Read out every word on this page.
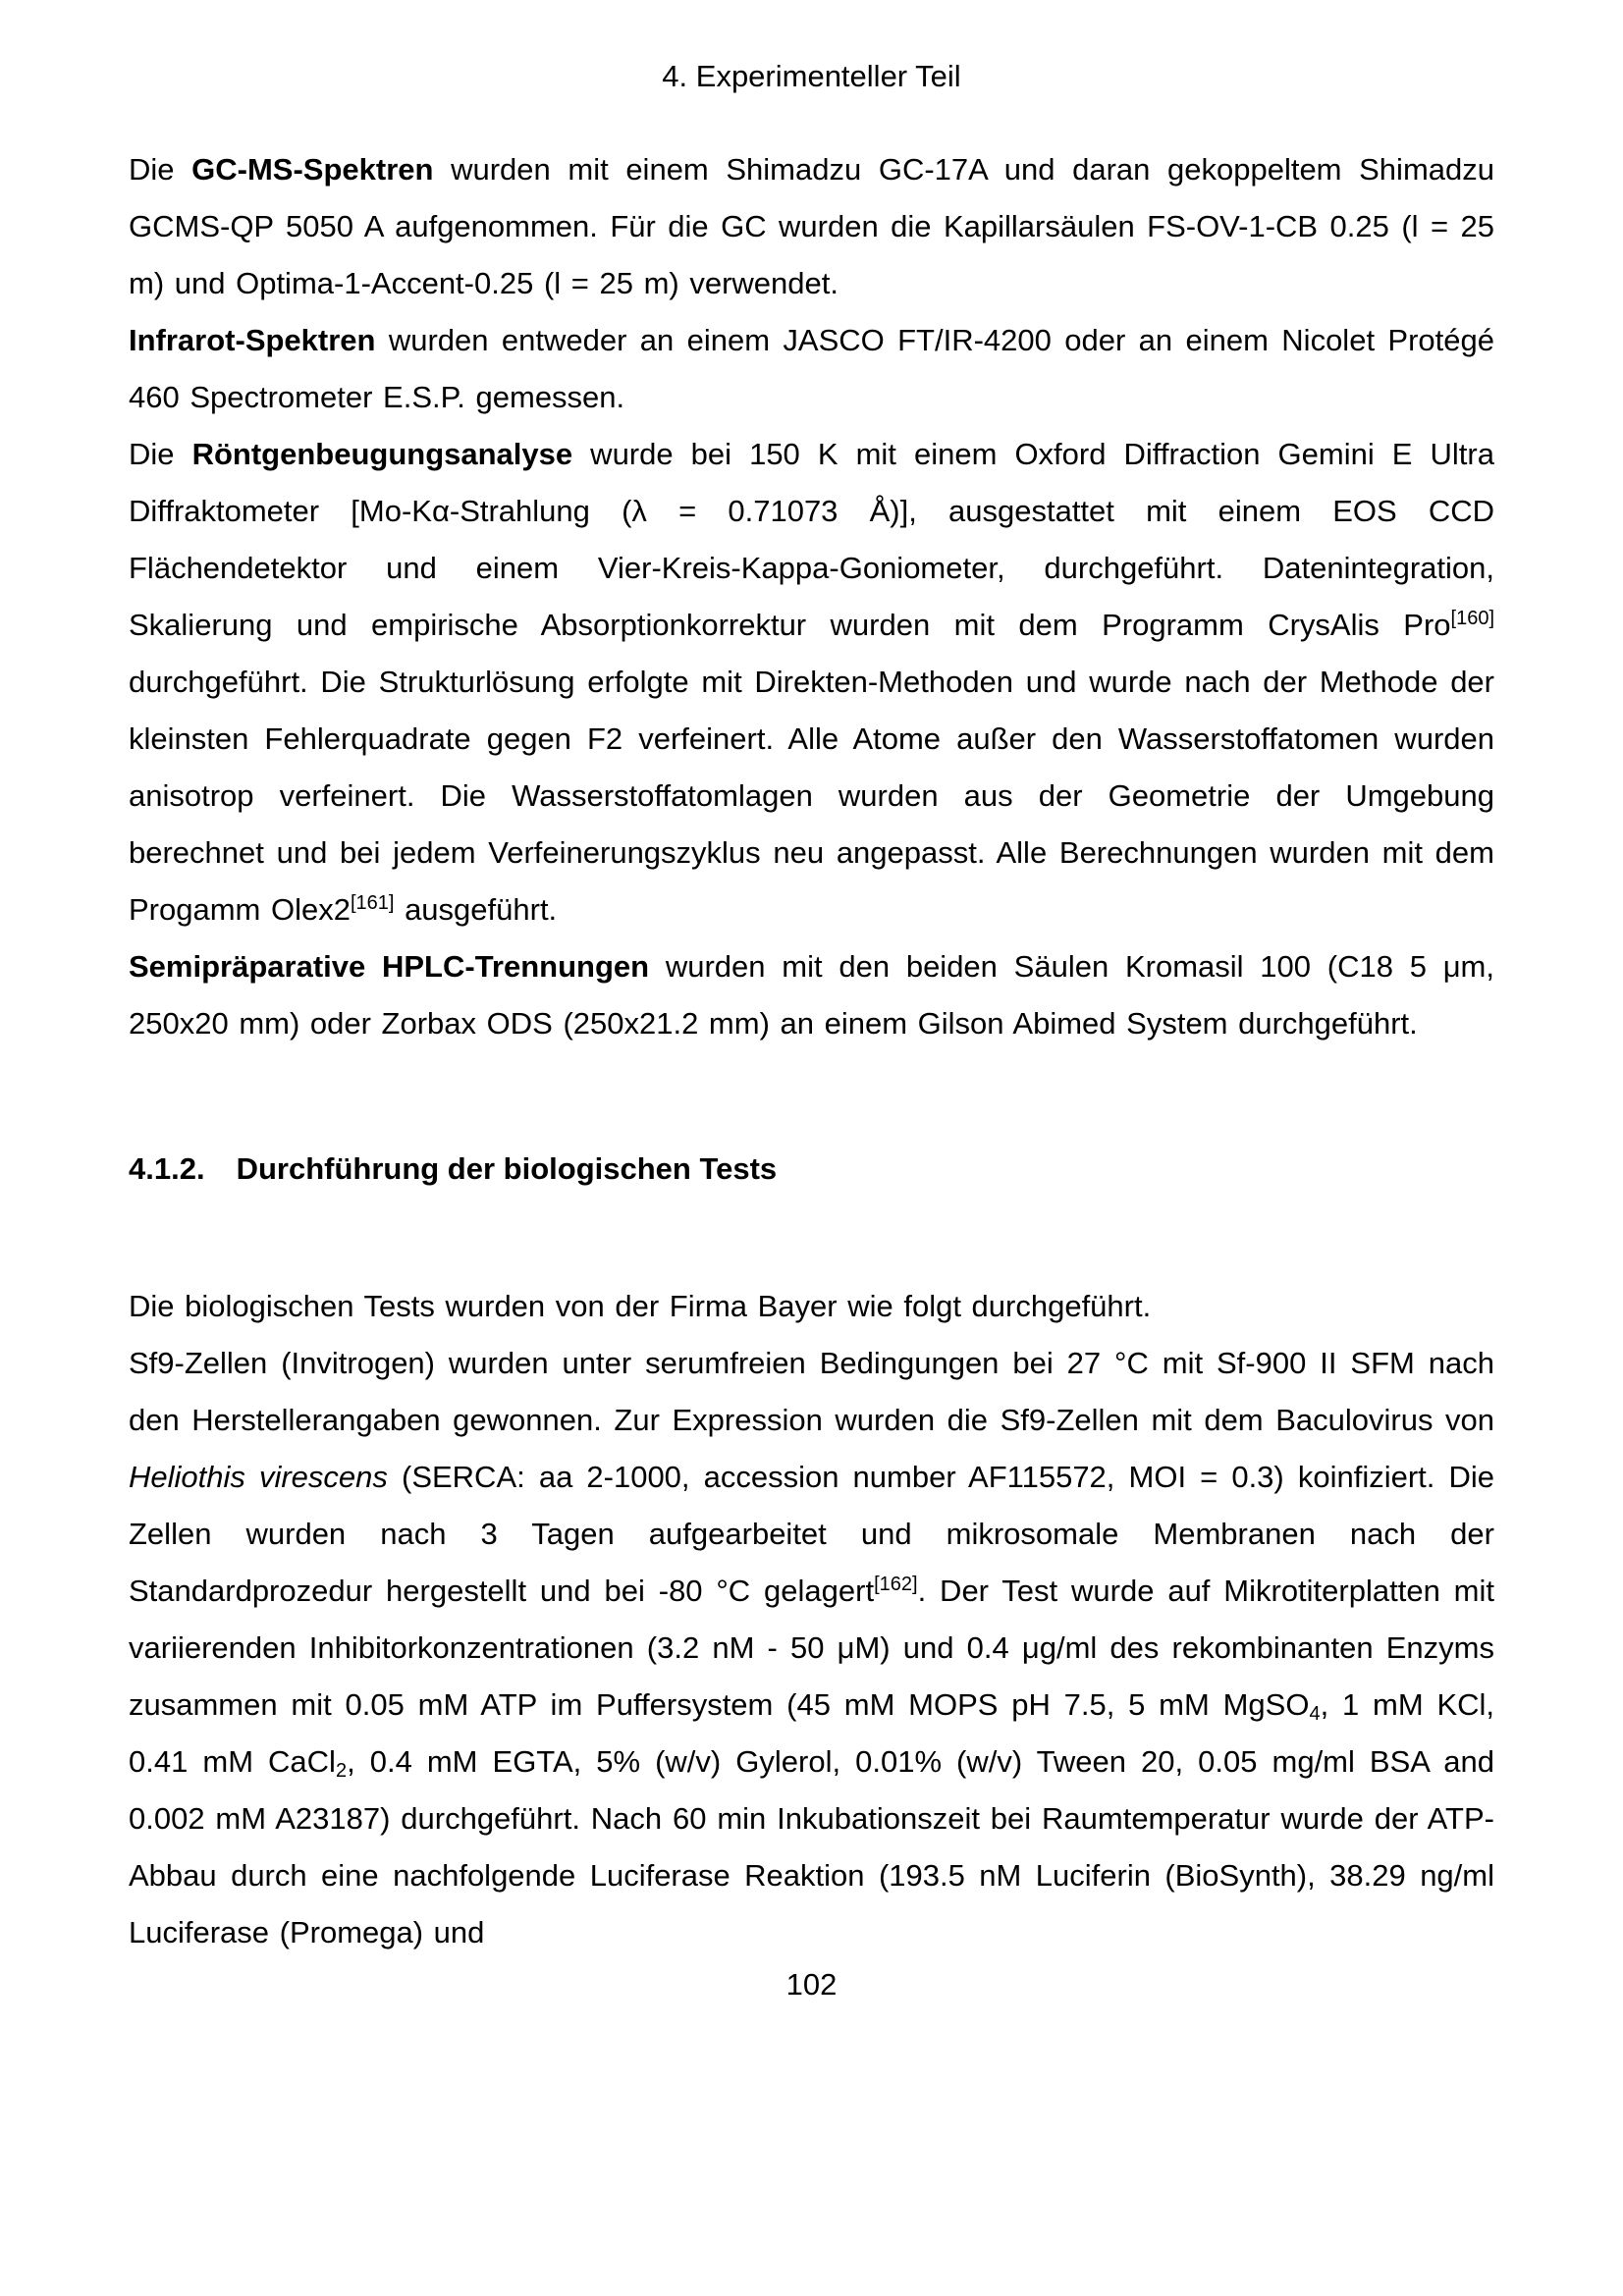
4. Experimenteller Teil

Die GC-MS-Spektren wurden mit einem Shimadzu GC-17A und daran gekoppeltem Shimadzu GCMS-QP 5050 A aufgenommen. Für die GC wurden die Kapillarsäulen FS-OV-1-CB 0.25 (l = 25 m) und Optima-1-Accent-0.25 (l = 25 m) verwendet.

Infrarot-Spektren wurden entweder an einem JASCO FT/IR-4200 oder an einem Nicolet Protégé 460 Spectrometer E.S.P. gemessen.

Die Röntgenbeugungsanalyse wurde bei 150 K mit einem Oxford Diffraction Gemini E Ultra Diffraktometer [Mo-Kα-Strahlung (λ = 0.71073 Å)], ausgestattet mit einem EOS CCD Flächendetektor und einem Vier-Kreis-Kappa-Goniometer, durchgeführt. Datenintegration, Skalierung und empirische Absorptionkorrektur wurden mit dem Programm CrysAlis Pro[160] durchgeführt. Die Strukturlösung erfolgte mit Direkten-Methoden und wurde nach der Methode der kleinsten Fehlerquadrate gegen F2 verfeinert. Alle Atome außer den Wasserstoffatomen wurden anisotrop verfeinert. Die Wasserstoffatomlagen wurden aus der Geometrie der Umgebung berechnet und bei jedem Verfeinerungszyklus neu angepasst. Alle Berechnungen wurden mit dem Progamm Olex2[161] ausgeführt.

Semipräparative HPLC-Trennungen wurden mit den beiden Säulen Kromasil 100 (C18 5 μm, 250x20 mm) oder Zorbax ODS (250x21.2 mm) an einem Gilson Abimed System durchgeführt.

4.1.2. Durchführung der biologischen Tests

Die biologischen Tests wurden von der Firma Bayer wie folgt durchgeführt.

Sf9-Zellen (Invitrogen) wurden unter serumfreien Bedingungen bei 27 °C mit Sf-900 II SFM nach den Herstellerangaben gewonnen. Zur Expression wurden die Sf9-Zellen mit dem Baculovirus von Heliothis virescens (SERCA: aa 2-1000, accession number AF115572, MOI = 0.3) koinfiziert. Die Zellen wurden nach 3 Tagen aufgearbeitet und mikrosomale Membranen nach der Standardprozedur hergestellt und bei -80 °C gelagert[162]. Der Test wurde auf Mikrotiterplatten mit variierenden Inhibitorkonzentrationen (3.2 nM - 50 μM) und 0.4 μg/ml des rekombinanten Enzyms zusammen mit 0.05 mM ATP im Puffersystem (45 mM MOPS pH 7.5, 5 mM MgSO$_4$, 1 mM KCl, 0.41 mM CaCl$_2$, 0.4 mM EGTA, 5% (w/v) Gylerol, 0.01% (w/v) Tween 20, 0.05 mg/ml BSA and 0.002 mM A23187) durchgeführt. Nach 60 min Inkubationszeit bei Raumtemperatur wurde der ATP-Abbau durch eine nachfolgende Luciferase Reaktion (193.5 nM Luciferin (BioSynth), 38.29 ng/ml Luciferase (Promega) und

102
